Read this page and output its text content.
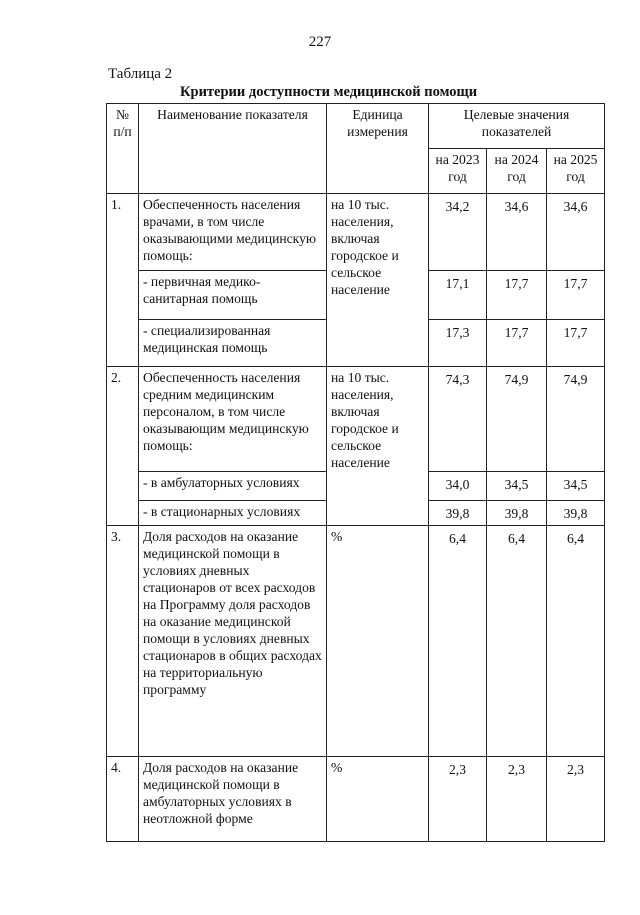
227
Таблица 2
Критерии доступности медицинской помощи
№
п/п	Наименование показателя	Единица измерения	Целевые значения показателей		
			на 2023 год	на 2024 год	на 2025 год
1.	Обеспеченность населения врачами, в том числе оказывающими медицинскую помощь:	на 10 тыс. населения, включая городское и сельское население	34,2	34,6	34,6
	- первичная медико-санитарная помощь		17,1	17,7	17,7
	- специализированная медицинская помощь		17,3	17,7	17,7
2.	Обеспеченность населения средним медицинским персоналом, в том числе оказывающим медицинскую помощь:	на 10 тыс. населения, включая городское и сельское население	74,3	74,9	74,9
	- в амбулаторных условиях		34,0	34,5	34,5
	- в стационарных условиях		39,8	39,8	39,8
3.	Доля расходов на оказание медицинской помощи в условиях дневных стационаров от всех расходов на Программу доля расходов на оказание медицинской помощи в условиях дневных стационаров в общих расходах на территориальную программу	%	6,4	6,4	6,4
4.	Доля расходов на оказание медицинской помощи в амбулаторных условиях в неотложной форме	%	2,3	2,3	2,3
